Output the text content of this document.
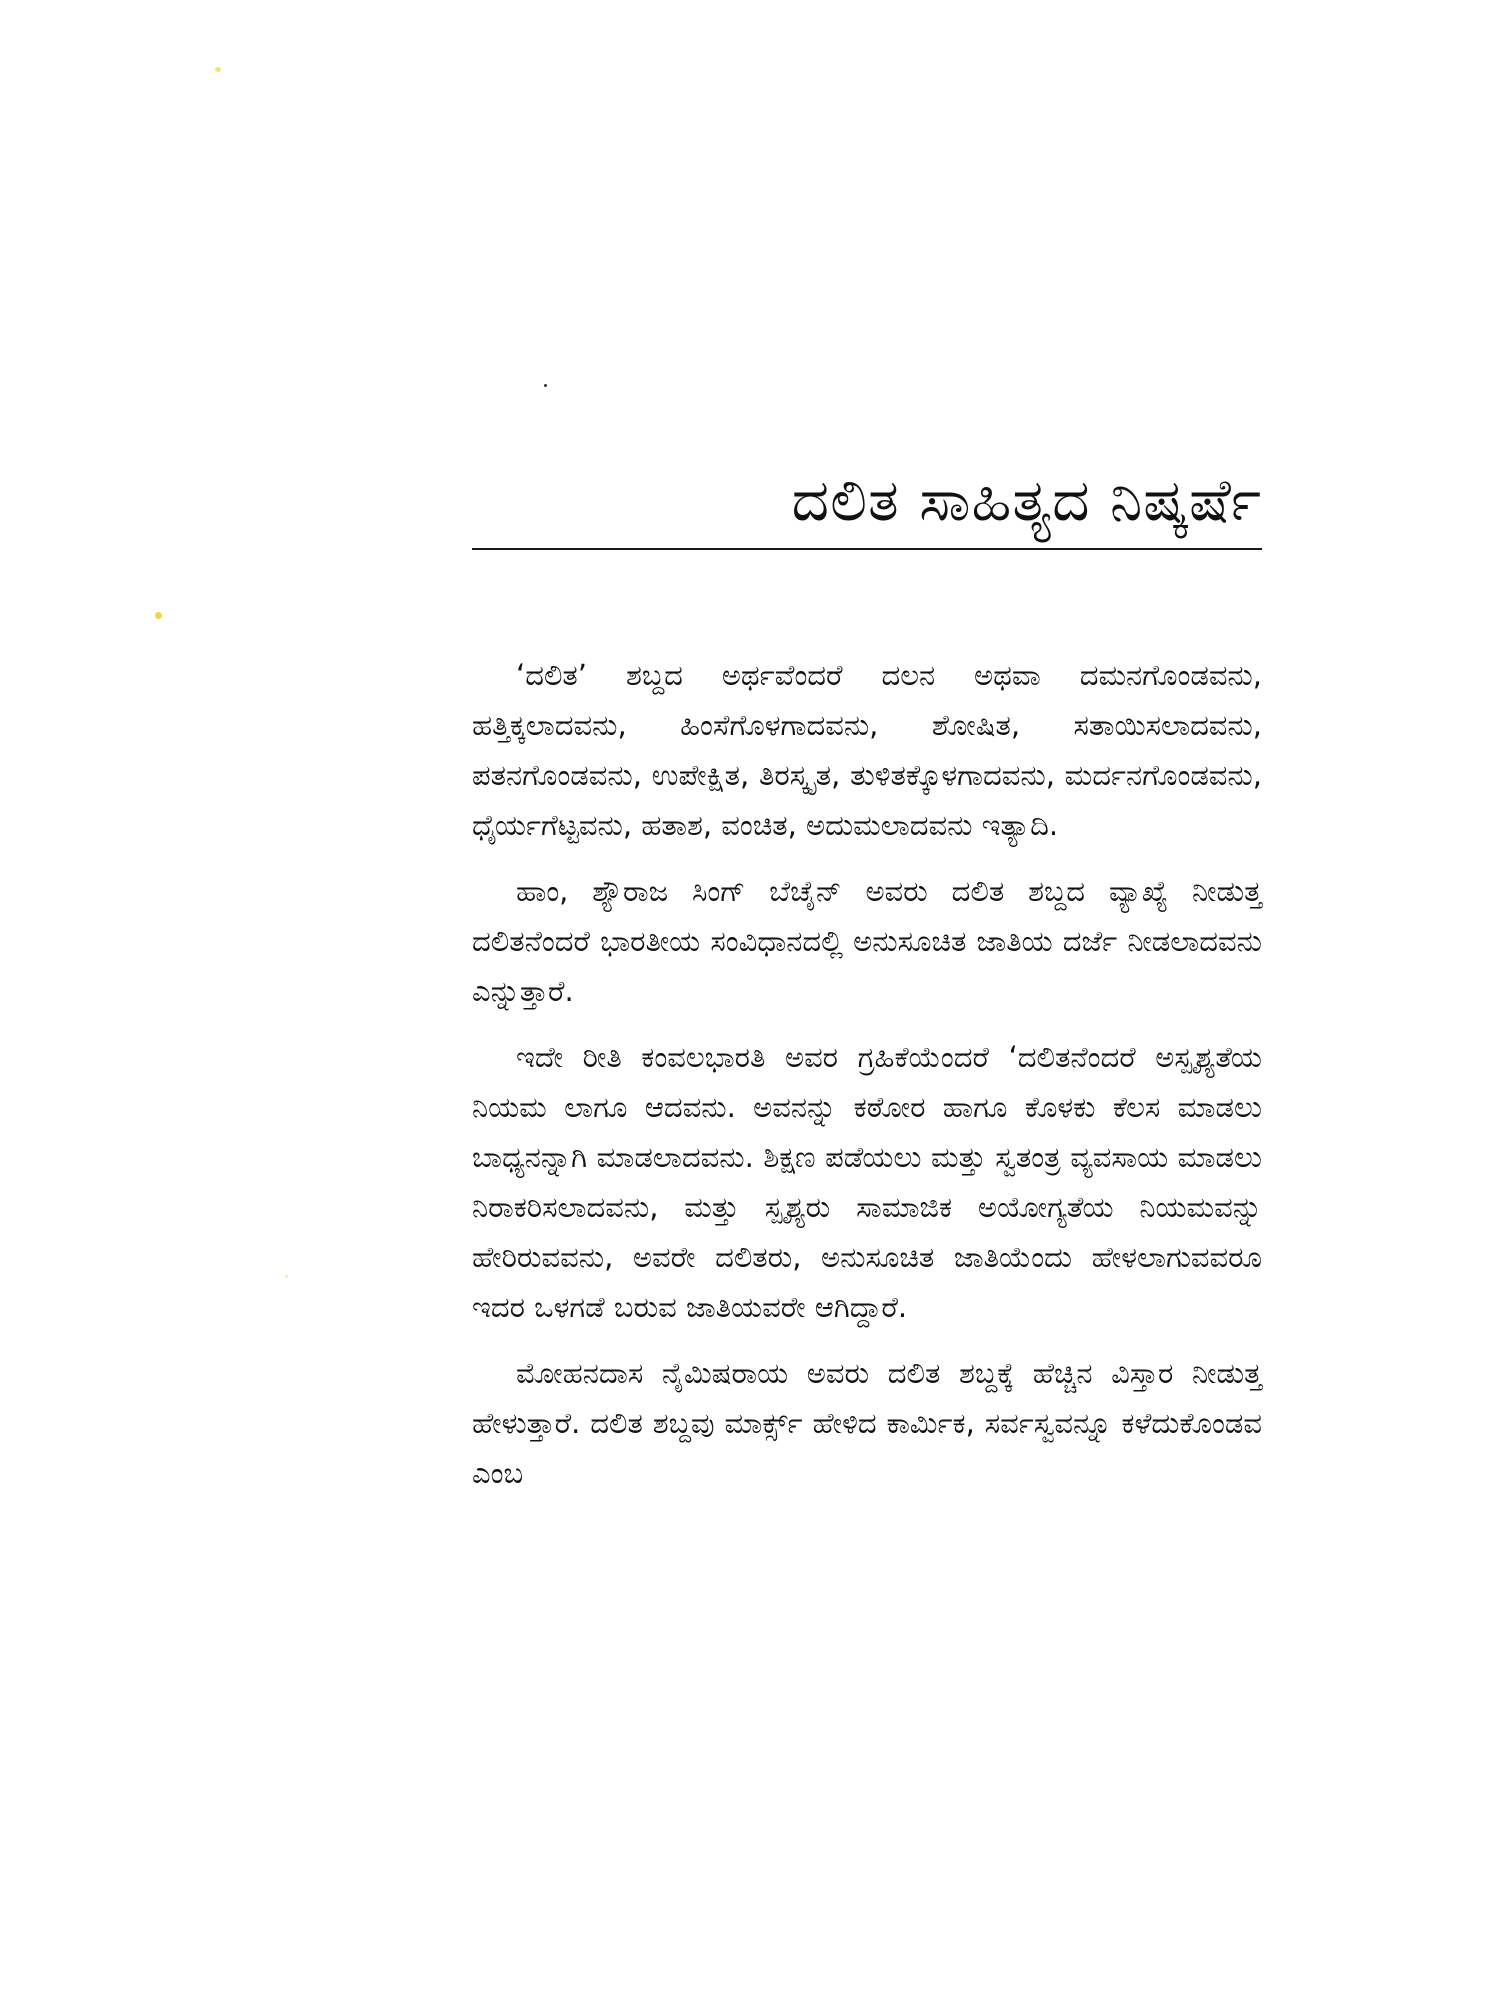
ದಲಿತ ಸಾಹಿತ್ಯದ ನಿಷ್ಕರ್ಷೆ

‘ದಲಿತ’ ಶಬ್ದದ ಅರ್ಥವೆಂದರೆ ದಲನ ಅಥವಾ ದಮನಗೊಂಡವನು, ಹತ್ತಿಕ್ಕಲಾದವನು, ಹಿಂಸೆಗೊಳಗಾದವನು, ಶೋಷಿತ, ಸತಾಯಿಸಲಾದವನು, ಪತನಗೊಂಡವನು, ಉಪೇಕ್ಷಿತ, ತಿರಸ್ಕೃತ, ತುಳಿತಕ್ಕೊಳಗಾದವನು, ಮರ್ದನಗೊಂಡವನು, ಧೈರ್ಯಗೆಟ್ಟವನು, ಹತಾಶ, ವಂಚಿತ, ಅದುಮಲಾದವನು ಇತ್ಯಾದಿ.

ಹಾಂ, ಶ್ಯೌರಾಜ ಸಿಂಗ್ ಬೆಚೈನ್ ಅವರು ದಲಿತ ಶಬ್ದದ ವ್ಯಾಖ್ಯೆ ನೀಡುತ್ತ ದಲಿತನೆಂದರೆ ಭಾರತೀಯ ಸಂವಿಧಾನದಲ್ಲಿ ಅನುಸೂಚಿತ ಜಾತಿಯ ದರ್ಜೆ ನೀಡಲಾದವನು ಎನ್ನುತ್ತಾರೆ.

ಇದೇ ರೀತಿ ಕಂವಲಭಾರತಿ ಅವರ ಗ್ರಹಿಕೆಯೆಂದರೆ ‘ದಲಿತನೆಂದರೆ ಅಸ್ಪೃಶ್ಯತೆಯ ನಿಯಮ ಲಾಗೂ ಆದವನು. ಅವನನ್ನು ಕಠೋರ ಹಾಗೂ ಕೊಳಕು ಕೆಲಸ ಮಾಡಲು ಬಾಧ್ಯನನ್ನಾಗಿ ಮಾಡಲಾದವನು. ಶಿಕ್ಷಣ ಪಡೆಯಲು ಮತ್ತು ಸ್ವತಂತ್ರ ವ್ಯವಸಾಯ ಮಾಡಲು ನಿರಾಕರಿಸಲಾದವನು, ಮತ್ತು ಸ್ಪೃಶ್ಯರು ಸಾಮಾಜಿಕ ಅಯೋಗ್ಯತೆಯ ನಿಯಮವನ್ನು ಹೇರಿರುವವನು, ಅವರೇ ದಲಿತರು, ಅನುಸೂಚಿತ ಜಾತಿಯೆಂದು ಹೇಳಲಾಗುವವರೂ ಇದರ ಒಳಗಡೆ ಬರುವ ಜಾತಿಯವರೇ ಆಗಿದ್ದಾರೆ.

ಮೋಹನದಾಸ ನೈಮಿಷರಾಯ ಅವರು ದಲಿತ ಶಬ್ದಕ್ಕೆ ಹೆಚ್ಚಿನ ವಿಸ್ತಾರ ನೀಡುತ್ತ ಹೇಳುತ್ತಾರೆ. ದಲಿತ ಶಬ್ದವು ಮಾರ್ಕ್ಸ್ ಹೇಳಿದ ಕಾರ್ಮಿಕ, ಸರ್ವಸ್ವವನ್ನೂ ಕಳೆದುಕೊಂಡವ ಎಂಬ
